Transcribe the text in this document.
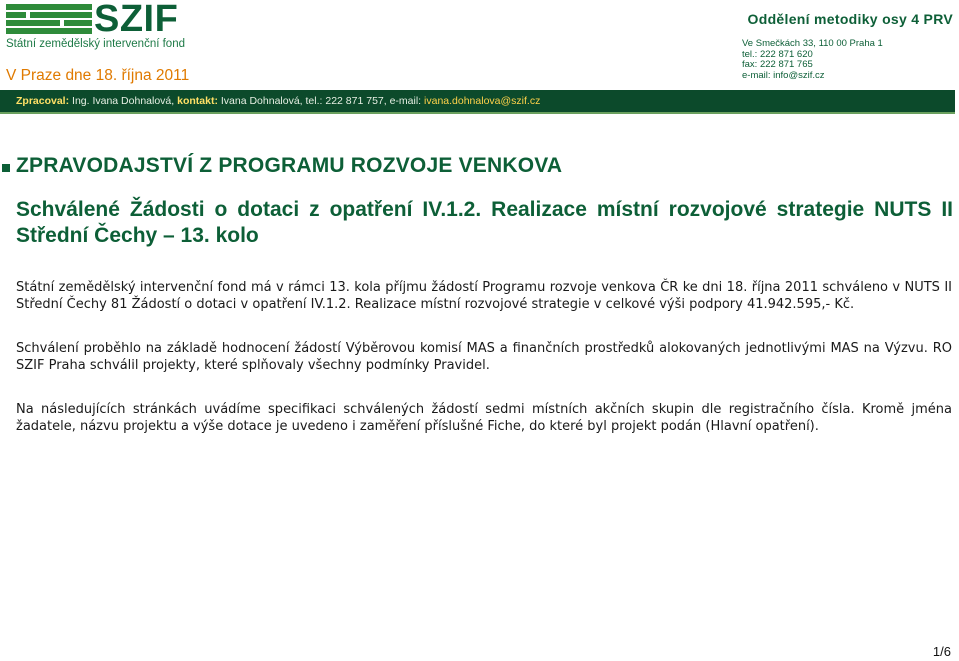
SZIF
Státní zemědělský intervenční fond
V Praze dne 18. října 2011
Oddělení metodiky osy 4 PRV
Ve Smečkách 33, 110 00 Praha 1
tel.: 222 871 620
fax: 222 871 765
e-mail: info@szif.cz
Zpracoval: Ing. Ivana Dohnalová, kontakt: Ivana Dohnalová, tel.: 222 871 757, e-mail: ivana.dohnalova@szif.cz
ZPRAVODAJSTVÍ Z PROGRAMU ROZVOJE VENKOVA
Schválené Žádosti o dotaci z opatření IV.1.2. Realizace místní rozvojové strategie NUTS II Střední Čechy – 13. kolo
Státní zemědělský intervenční fond má v rámci 13. kola příjmu žádostí Programu rozvoje venkova ČR ke dni 18. října 2011 schváleno v NUTS II Střední Čechy 81 Žádostí o dotaci v opatření IV.1.2. Realizace místní rozvojové strategie v celkové výši podpory 41.942.595,- Kč.
Schválení proběhlo na základě hodnocení žádostí Výběrovou komisí MAS a finančních prostředků alokovaných jednotlivými MAS na Výzvu. RO SZIF Praha schválil projekty, které splňovaly všechny podmínky Pravidel.
Na následujících stránkách uvádíme specifikaci schválených žádostí sedmi místních akčních skupin dle registračního čísla. Kromě jména žadatele, názvu projektu a výše dotace je uvedeno i zaměření příslušné Fiche, do které byl projekt podán (Hlavní opatření).
1/6
